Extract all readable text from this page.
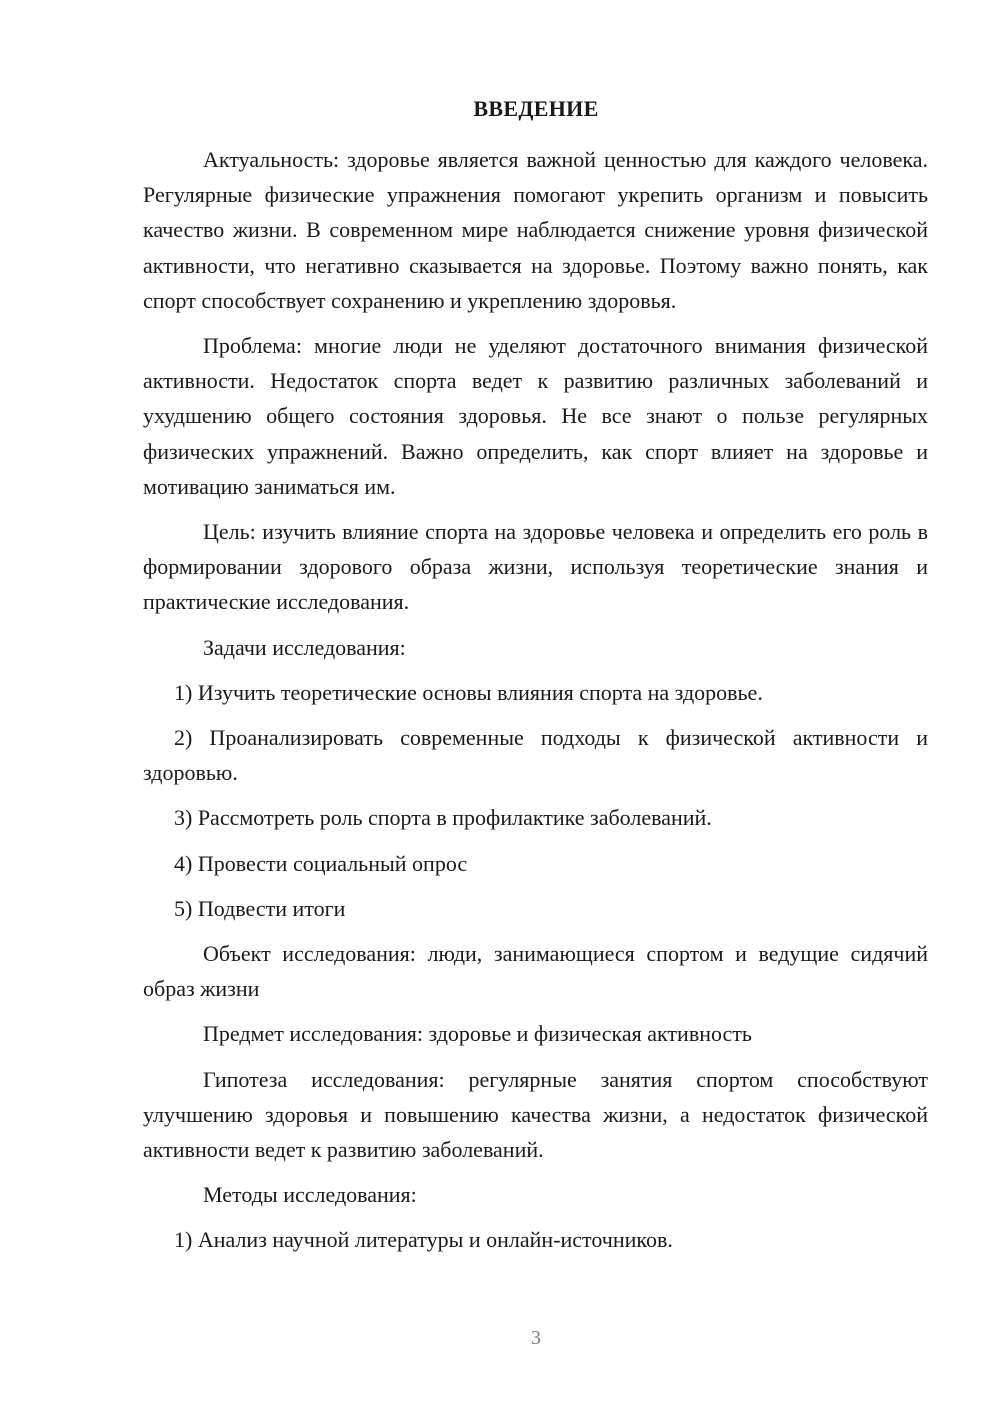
ВВЕДЕНИЕ

Актуальность: здоровье является важной ценностью для каждого человека. Регулярные физические упражнения помогают укрепить организм и повысить качество жизни. В современном мире наблюдается снижение уровня физической активности, что негативно сказывается на здоровье. Поэтому важно понять, как спорт способствует сохранению и укреплению здоровья.

Проблема: многие люди не уделяют достаточного внимания физической активности. Недостаток спорта ведет к развитию различных заболеваний и ухудшению общего состояния здоровья. Не все знают о пользе регулярных физических упражнений. Важно определить, как спорт влияет на здоровье и мотивацию заниматься им.

Цель: изучить влияние спорта на здоровье человека и определить его роль в формировании здорового образа жизни, используя теоретические знания и практические исследования.

Задачи исследования:

1) Изучить теоретические основы влияния спорта на здоровье.

2) Проанализировать современные подходы к физической активности и здоровью.

3) Рассмотреть роль спорта в профилактике заболеваний.

4) Провести социальный опрос

5) Подвести итоги

Объект исследования: люди, занимающиеся спортом и ведущие сидячий образ жизни

Предмет исследования: здоровье и физическая активность

Гипотеза исследования: регулярные занятия спортом способствуют улучшению здоровья и повышению качества жизни, а недостаток физической активности ведет к развитию заболеваний.

Методы исследования:

1) Анализ научной литературы и онлайн-источников.

3
